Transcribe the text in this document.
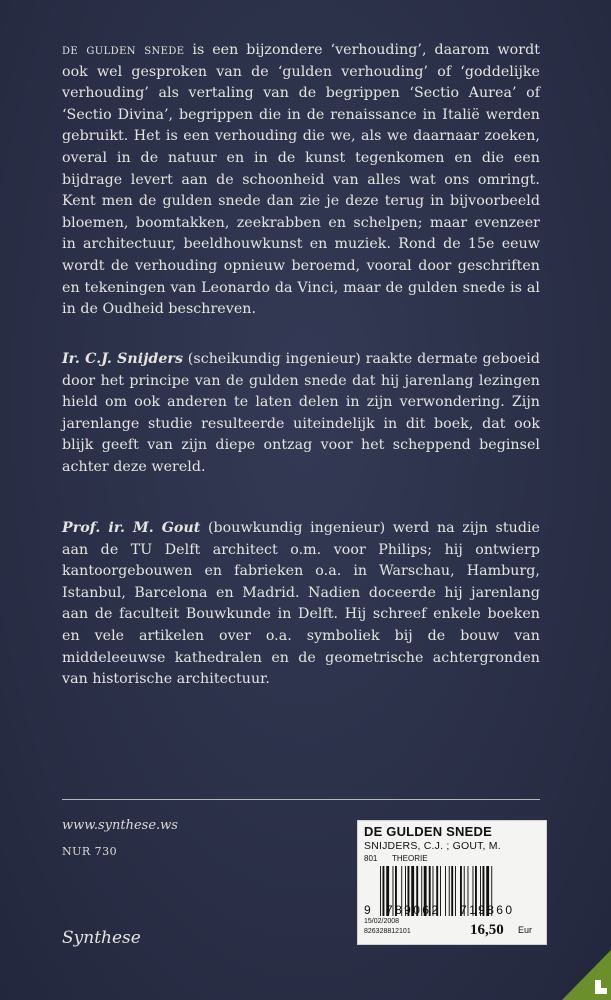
de gulden snede is een bijzondere ‘verhouding’, daarom wordt ook wel gesproken van de ‘gulden verhouding’ of ‘goddelijke verhouding’ als vertaling van de begrippen ‘Sectio Aurea’ of ‘Sectio Divina’, begrippen die in de renaissance in Italië werden gebruikt. Het is een verhouding die we, als we daarnaar zoeken, overal in de natuur en in de kunst tegenkomen en die een bijdrage levert aan de schoonheid van alles wat ons omringt. Kent men de gulden snede dan zie je deze terug in bijvoorbeeld bloemen, boomtakken, zeekrabben en schelpen; maar evenzeer in architectuur, beeldhouwkunst en muziek. Rond de 15e eeuw wordt de verhouding opnieuw beroemd, vooral door geschriften en tekeningen van Leonardo da Vinci, maar de gulden snede is al in de Oudheid beschreven.
Ir. C.J. Snijders (scheikundig ingenieur) raakte dermate geboeid door het principe van de gulden snede dat hij jarenlang lezingen hield om ook anderen te laten delen in zijn verwondering. Zijn jarenlange studie resulteerde uiteindelijk in dit boek, dat ook blijk geeft van zijn diepe ontzag voor het scheppend beginsel achter deze wereld.
Prof. ir. M. Gout (bouwkundig ingenieur) werd na zijn studie aan de TU Delft architect o.m. voor Philips; hij ontwierp kantoorgebouwen en fabrieken o.a. in Warschau, Hamburg, Istanbul, Barcelona en Madrid. Nadien doceerde hij jarenlang aan de faculteit Bouwkunde in Delft. Hij schreef enkele boeken en vele artikelen over o.a. symboliek bij de bouw van middeleeuwse kathedralen en de geometrische achtergronden van historische architectuur.
www.synthese.ws
NUR 730
Synthese
DE GULDEN SNEDE
SNIJDERS, C.J. ; GOUT, M.
801 THEORIE
9 789062 719860
15/02/2008
826328812101	16,50 Eur
